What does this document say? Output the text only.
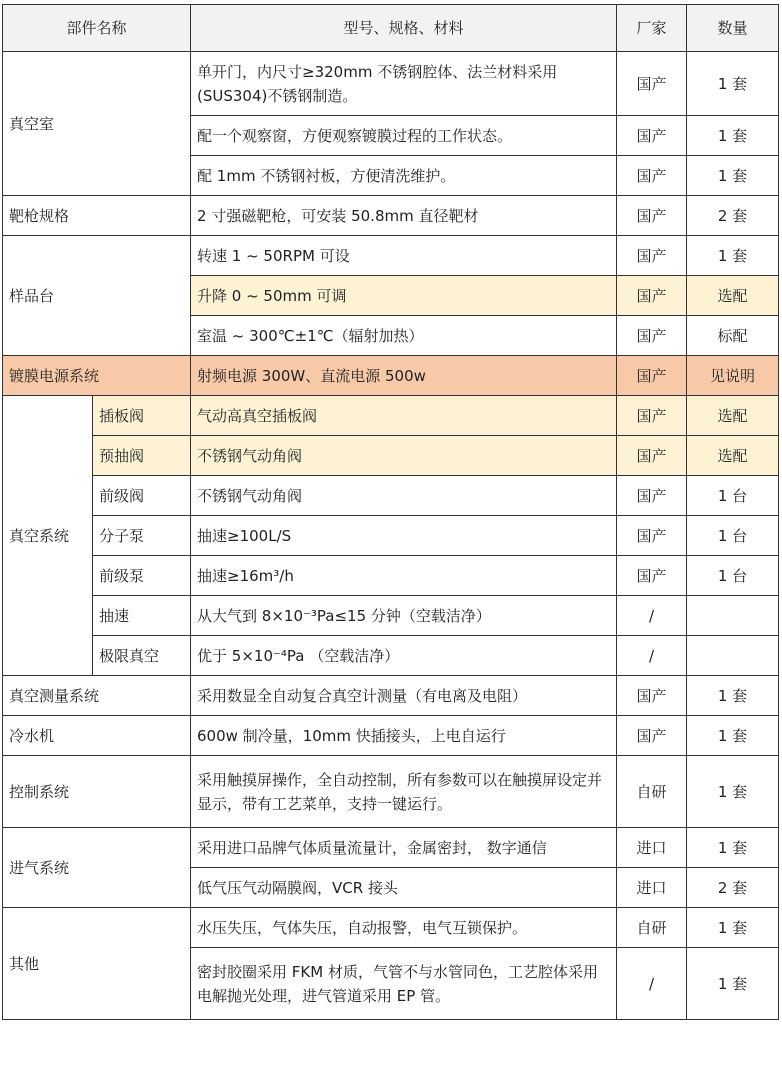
部件名称		型号、规格、材料	厂家	数量
真空室		单开门，内尺寸≥320mm 不锈钢腔体、法兰材料采用(SUS304)不锈钢制造。	国产	1 套
		配一个观察窗，方便观察镀膜过程的工作状态。	国产	1 套
		配 1mm 不锈钢衬板，方便清洗维护。	国产	1 套
靶枪规格		2 寸强磁靶枪，可安装 50.8mm 直径靶材	国产	2 套
样品台		转速 1 ~ 50RPM 可设	国产	1 套
		升降 0 ~ 50mm 可调	国产	选配
		室温 ~ 300℃±1℃（辐射加热）	国产	标配
镀膜电源系统		射频电源 300W、直流电源 500w	国产	见说明
真空系统	插板阀	气动高真空插板阀	国产	选配
	预抽阀	不锈钢气动角阀	国产	选配
	前级阀	不锈钢气动角阀	国产	1 台
	分子泵	抽速≥100L/S	国产	1 台
	前级泵	抽速≥16m³/h	国产	1 台
	抽速	从大气到 8×10⁻³Pa≤15 分钟（空载洁净）	/	
	极限真空	优于 5×10⁻⁴Pa （空载洁净）	/	
真空测量系统		采用数显全自动复合真空计测量（有电离及电阻）	国产	1 套
冷水机		600w 制冷量，10mm 快插接头，上电自运行	国产	1 套
控制系统		采用触摸屏操作，全自动控制，所有参数可以在触摸屏设定并显示，带有工艺菜单，支持一键运行。	自研	1 套
进气系统		采用进口品牌气体质量流量计，金属密封， 数字通信	进口	1 套
		低气压气动隔膜阀，VCR 接头	进口	2 套
其他		水压失压，气体失压，自动报警，电气互锁保护。	自研	1 套
		密封胶圈采用 FKM 材质，气管不与水管同色，工艺腔体采用电解抛光处理，进气管道采用 EP 管。	/	1 套
